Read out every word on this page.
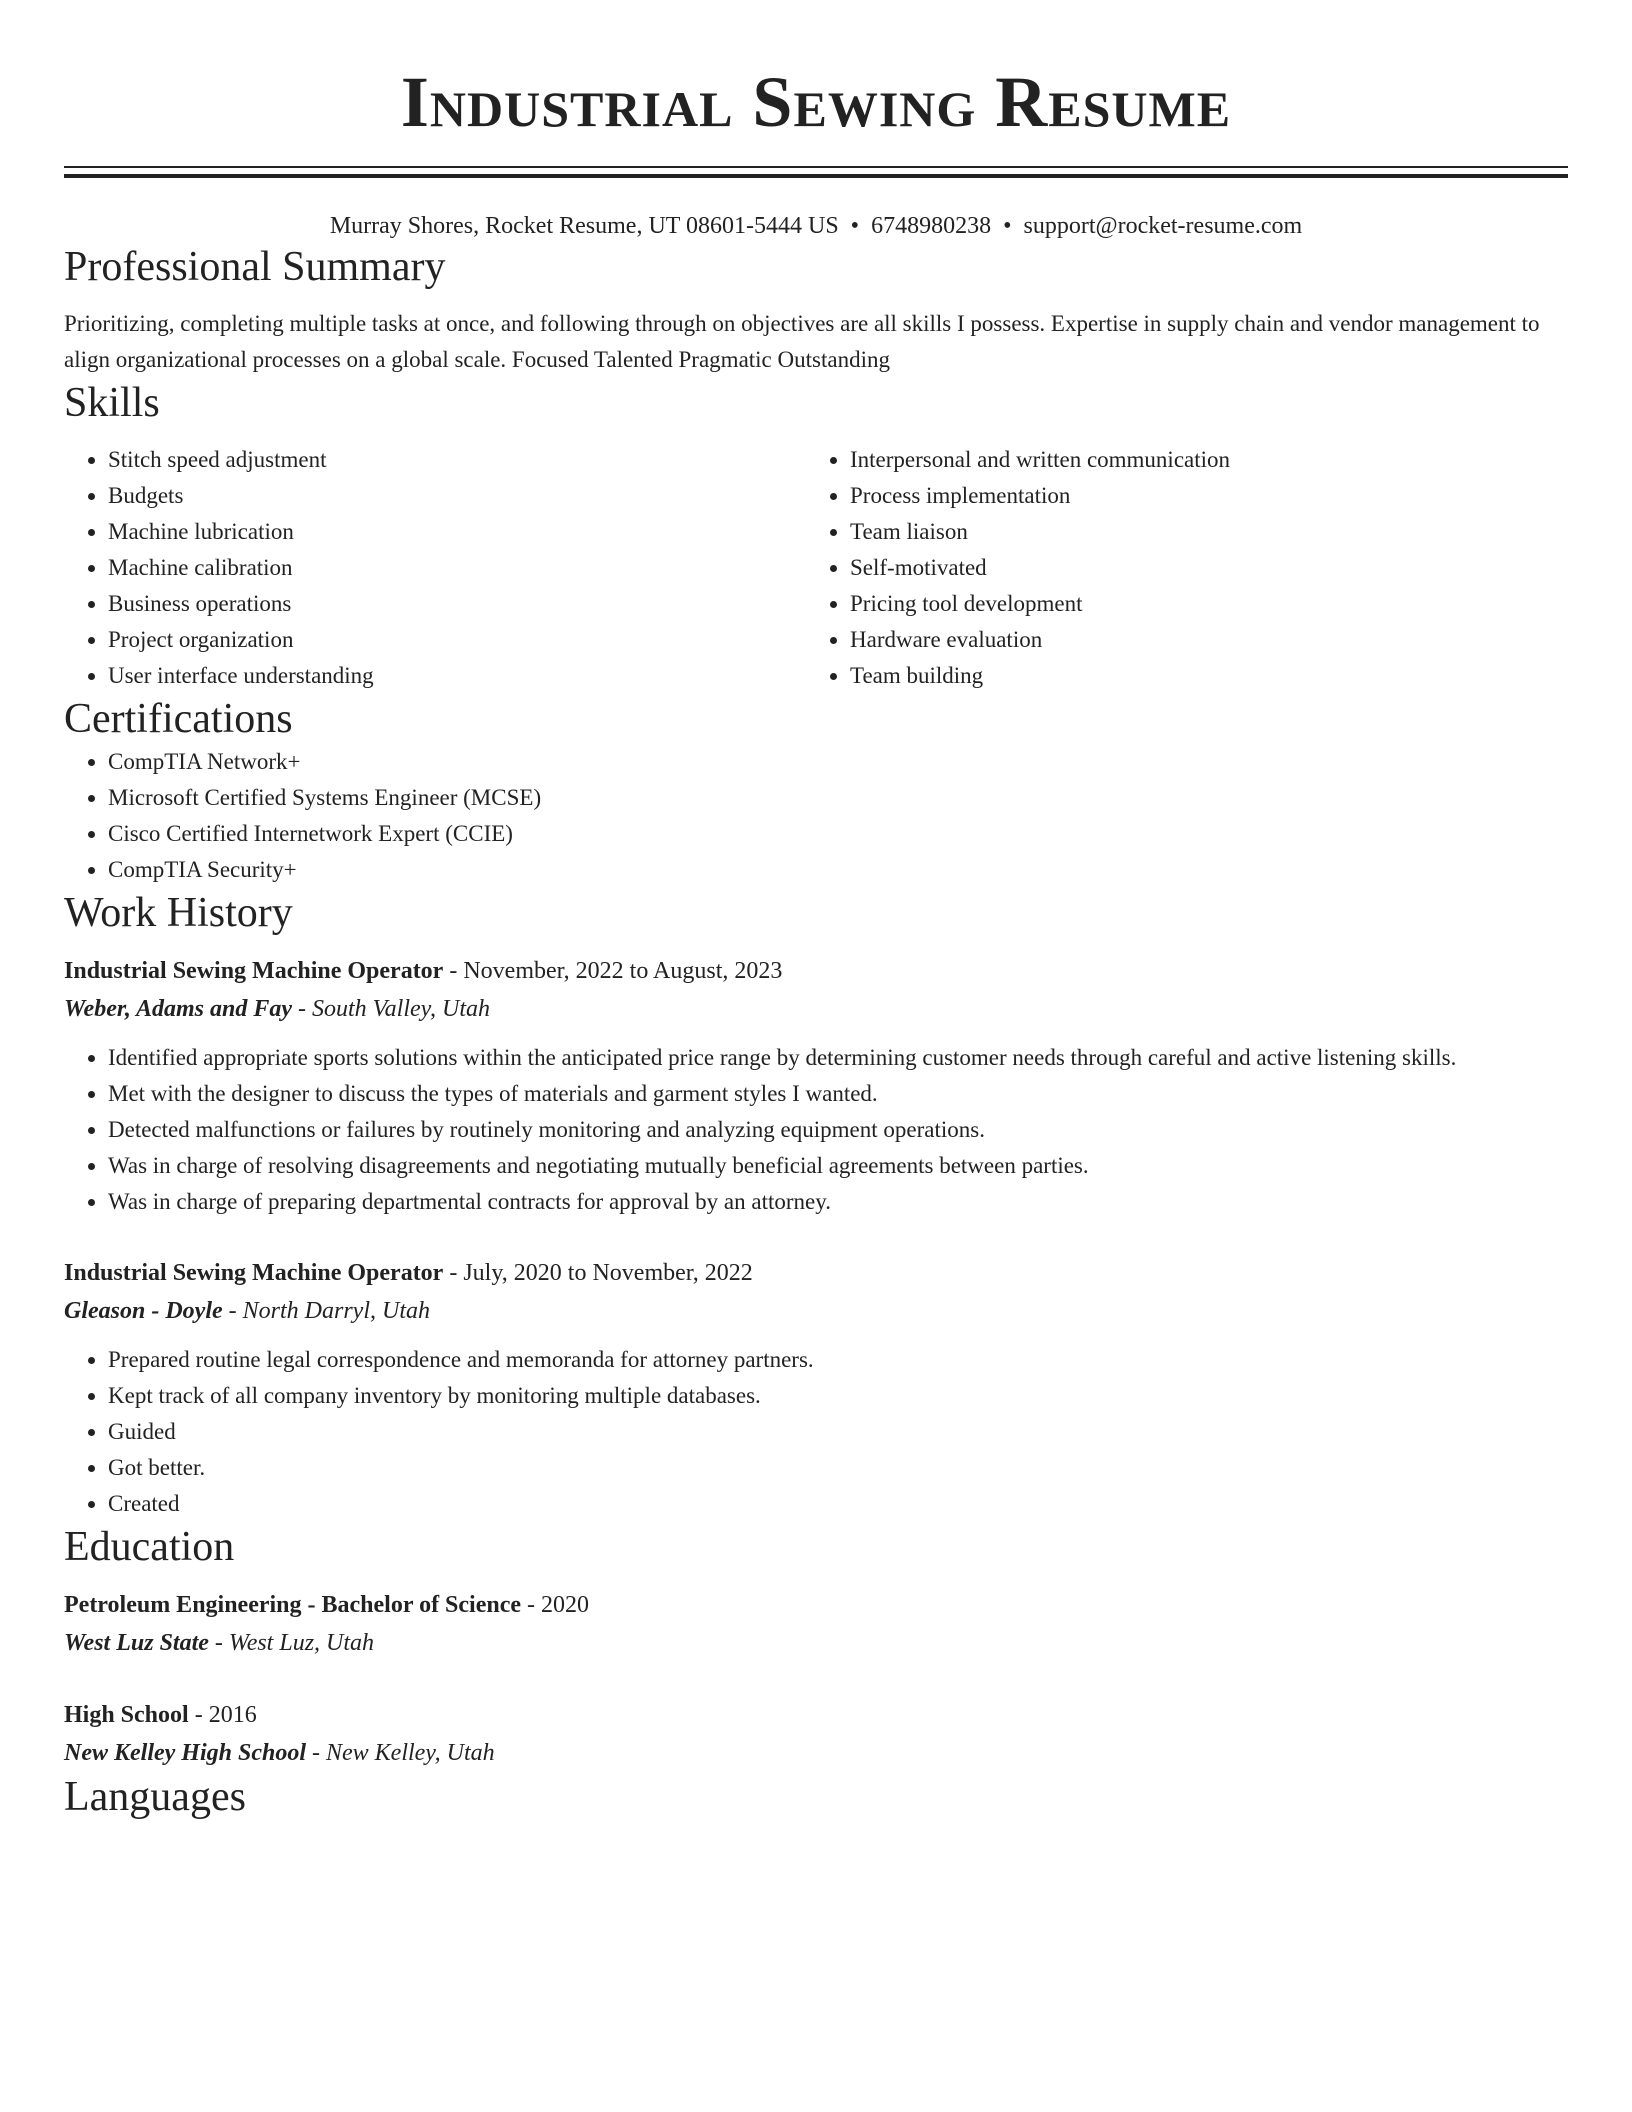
Industrial Sewing Resume
Murray Shores, Rocket Resume, UT 08601-5444 US • 6748980238 • support@rocket-resume.com
Professional Summary
Prioritizing, completing multiple tasks at once, and following through on objectives are all skills I possess. Expertise in supply chain and vendor management to align organizational processes on a global scale. Focused Talented Pragmatic Outstanding
Skills
• Stitch speed adjustment
• Budgets
• Machine lubrication
• Machine calibration
• Business operations
• Project organization
• User interface understanding
• Interpersonal and written communication
• Process implementation
• Team liaison
• Self-motivated
• Pricing tool development
• Hardware evaluation
• Team building
Certifications
• CompTIA Network+
• Microsoft Certified Systems Engineer (MCSE)
• Cisco Certified Internetwork Expert (CCIE)
• CompTIA Security+
Work History
Industrial Sewing Machine Operator - November, 2022 to August, 2023
Weber, Adams and Fay - South Valley, Utah
• Identified appropriate sports solutions within the anticipated price range by determining customer needs through careful and active listening skills.
• Met with the designer to discuss the types of materials and garment styles I wanted.
• Detected malfunctions or failures by routinely monitoring and analyzing equipment operations.
• Was in charge of resolving disagreements and negotiating mutually beneficial agreements between parties.
• Was in charge of preparing departmental contracts for approval by an attorney.
Industrial Sewing Machine Operator - July, 2020 to November, 2022
Gleason - Doyle - North Darryl, Utah
• Prepared routine legal correspondence and memoranda for attorney partners.
• Kept track of all company inventory by monitoring multiple databases.
• Guided
• Got better.
• Created
Education
Petroleum Engineering - Bachelor of Science - 2020
West Luz State - West Luz, Utah
High School - 2016
New Kelley High School - New Kelley, Utah
Languages
